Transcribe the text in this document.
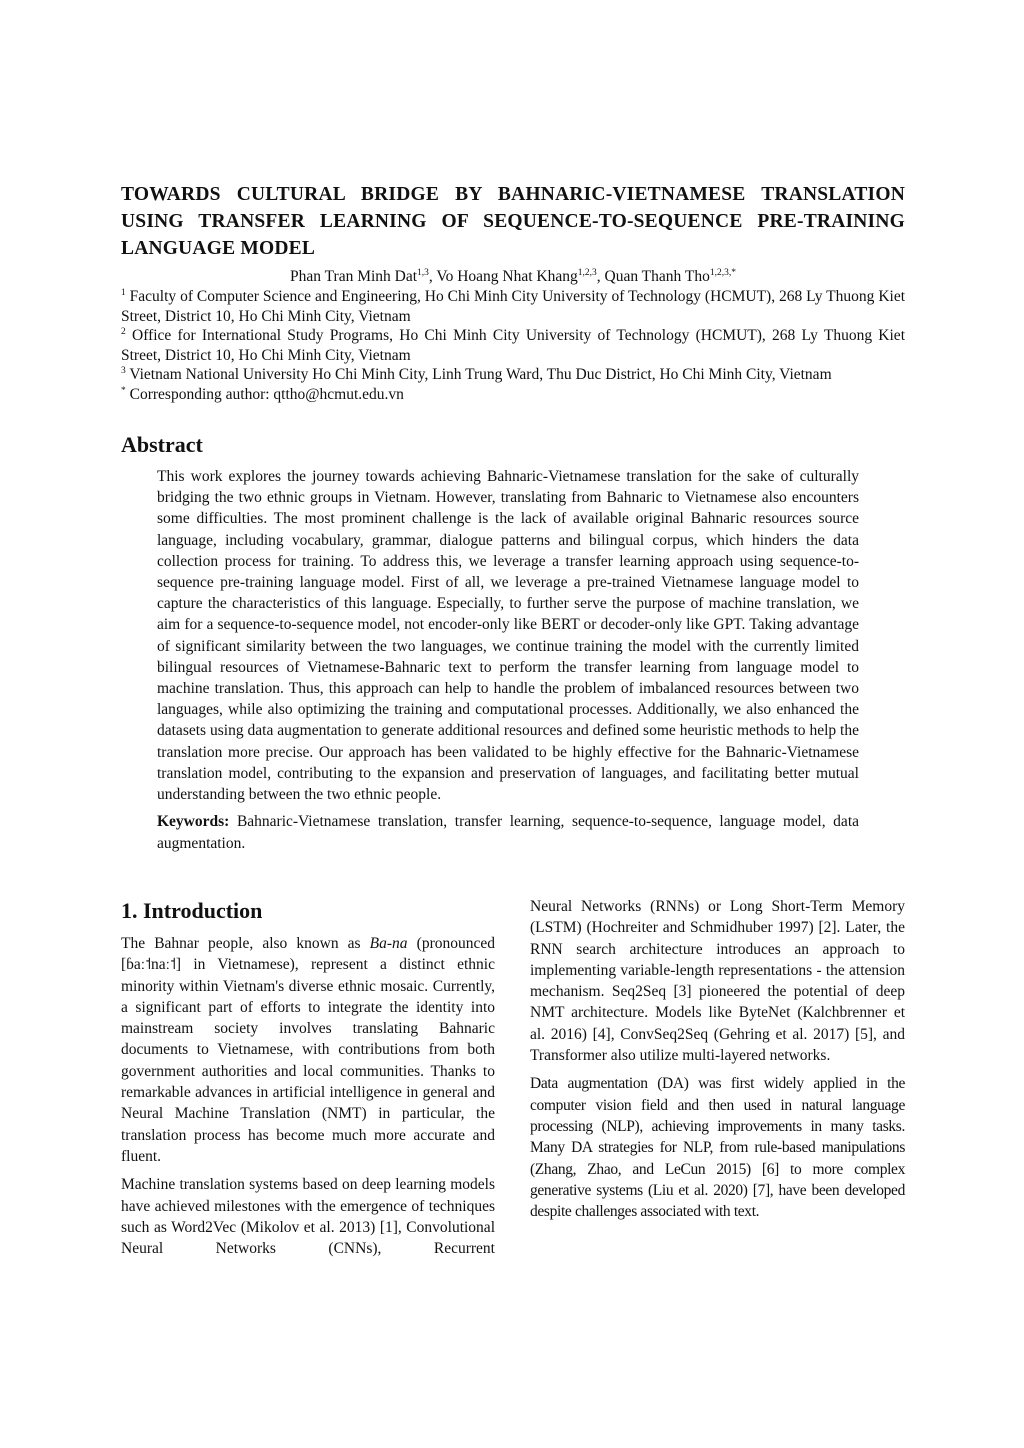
TOWARDS CULTURAL BRIDGE BY BAHNARIC-VIETNAMESE TRANSLATION USING TRANSFER LEARNING OF SEQUENCE-TO-SEQUENCE PRE-TRAINING LANGUAGE MODEL
Phan Tran Minh Dat$^{1,3}$, Vo Hoang Nhat Khang$^{1,2,3}$, Quan Thanh Tho$^{1,2,3,*}$
$^1$ Faculty of Computer Science and Engineering, Ho Chi Minh City University of Technology (HCMUT), 268 Ly Thuong Kiet Street, District 10, Ho Chi Minh City, Vietnam
$^2$ Office for International Study Programs, Ho Chi Minh City University of Technology (HCMUT), 268 Ly Thuong Kiet Street, District 10, Ho Chi Minh City, Vietnam
$^3$ Vietnam National University Ho Chi Minh City, Linh Trung Ward, Thu Duc District, Ho Chi Minh City, Vietnam
* Corresponding author: qttho@hcmut.edu.vn
Abstract
This work explores the journey towards achieving Bahnaric-Vietnamese translation for the sake of culturally bridging the two ethnic groups in Vietnam. However, translating from Bahnaric to Vietnamese also encounters some difficulties. The most prominent challenge is the lack of available original Bahnaric resources source language, including vocabulary, grammar, dialogue patterns and bilingual corpus, which hinders the data collection process for training. To address this, we leverage a transfer learning approach using sequence-to-sequence pre-training language model. First of all, we leverage a pre-trained Vietnamese language model to capture the characteristics of this language. Especially, to further serve the purpose of machine translation, we aim for a sequence-to-sequence model, not encoder-only like BERT or decoder-only like GPT. Taking advantage of significant similarity between the two languages, we continue training the model with the currently limited bilingual resources of Vietnamese-Bahnaric text to perform the transfer learning from language model to machine translation. Thus, this approach can help to handle the problem of imbalanced resources between two languages, while also optimizing the training and computational processes. Additionally, we also enhanced the datasets using data augmentation to generate additional resources and defined some heuristic methods to help the translation more precise. Our approach has been validated to be highly effective for the Bahnaric-Vietnamese translation model, contributing to the expansion and preservation of languages, and facilitating better mutual understanding between the two ethnic people.
Keywords: Bahnaric-Vietnamese translation, transfer learning, sequence-to-sequence, language model, data augmentation.
1. Introduction

The Bahnar people, also known as Ba-na (pronounced [ɓaː˦naː˦] in Vietnamese), represent a distinct ethnic minority within Vietnam's diverse ethnic mosaic. Currently, a significant part of efforts to integrate the identity into mainstream society involves translating Bahnaric documents to Vietnamese, with contributions from both government authorities and local communities. Thanks to remarkable advances in artificial intelligence in general and Neural Machine Translation (NMT) in particular, the translation process has become much more accurate and fluent.

Machine translation systems based on deep learning models have achieved milestones with the emergence of techniques such as Word2Vec (Mikolov et al. 2013) [1], Convolutional Neural Networks (CNNs), Recurrent

Neural Networks (RNNs) or Long Short-Term Memory (LSTM) (Hochreiter and Schmidhuber 1997) [2]. Later, the RNN search architecture introduces an approach to implementing variable-length representations - the attension mechanism. Seq2Seq [3] pioneered the potential of deep NMT architecture. Models like ByteNet (Kalchbrenner et al. 2016) [4], ConvSeq2Seq (Gehring et al. 2017) [5], and Transformer also utilize multi-layered networks.

Data augmentation (DA) was first widely applied in the computer vision field and then used in natural language processing (NLP), achieving improvements in many tasks. Many DA strategies for NLP, from rule-based manipulations (Zhang, Zhao, and LeCun 2015) [6] to more complex generative systems (Liu et al. 2020) [7], have been developed despite challenges associated with text.
